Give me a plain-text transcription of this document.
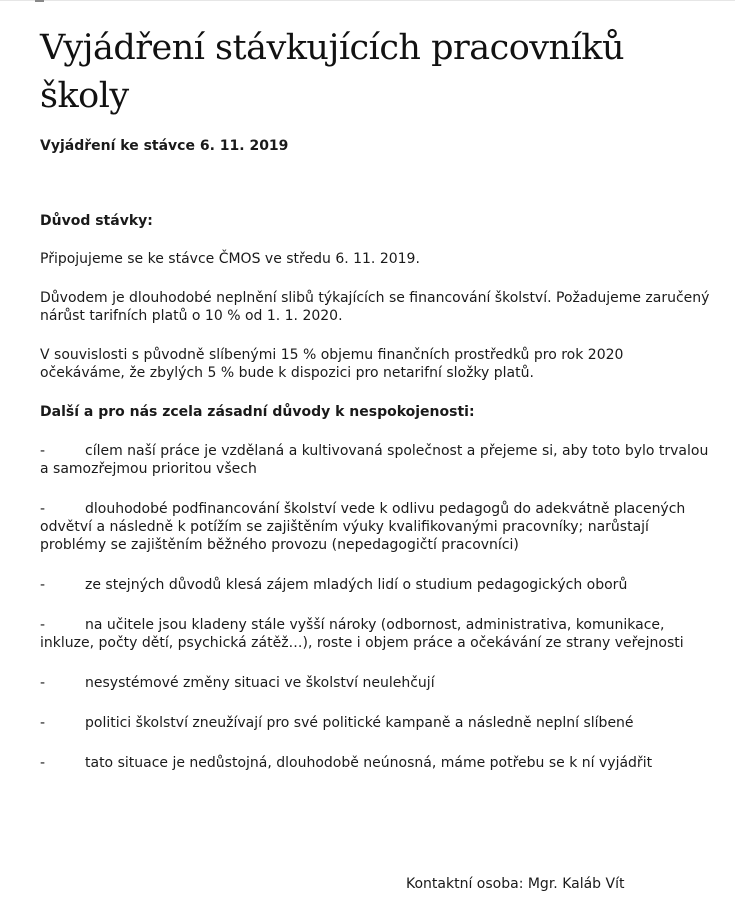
Vyjádření stávkujících pracovníků školy
Vyjádření ke stávce 6. 11. 2019
Důvod stávky:

Připojujeme se ke stávce ČMOS ve středu 6. 11. 2019.

Důvodem je dlouhodobé neplnění slibů týkajících se financování školství. Požadujeme zaručený nárůst tarifních platů o 10 % od 1. 1. 2020.

V souvislosti s původně slíbenými 15 % objemu finančních prostředků pro rok 2020 očekáváme, že zbylých 5 % bude k dispozici pro netarifní složky platů.

Další a pro nás zcela zásadní důvody k nespokojenosti:
-	cílem naší práce je vzdělaná a kultivovaná společnost a přejeme si, aby toto bylo trvalou a samozřejmou prioritou všech
-	dlouhodobé podfinancování školství vede k odlivu pedagogů do adekvátně placených odvětví a následně k potížím se zajištěním výuky kvalifikovanými pracovníky; narůstají problémy se zajištěním běžného provozu (nepedagogičtí pracovníci)
-	ze stejných důvodů klesá zájem mladých lidí o studium pedagogických oborů
-	na učitele jsou kladeny stále vyšší nároky (odbornost, administrativa, komunikace, inkluze, počty dětí, psychická zátěž…), roste i objem práce a očekávání ze strany veřejnosti
-	nesystémové změny situaci ve školství neulehčují
-	politici školství zneužívají pro své politické kampaně a následně neplní slíbené
-	tato situace je nedůstojná, dlouhodobě neúnosná, máme potřebu se k ní vyjádřit
Kontaktní osoba: Mgr. Kaláb Vít
